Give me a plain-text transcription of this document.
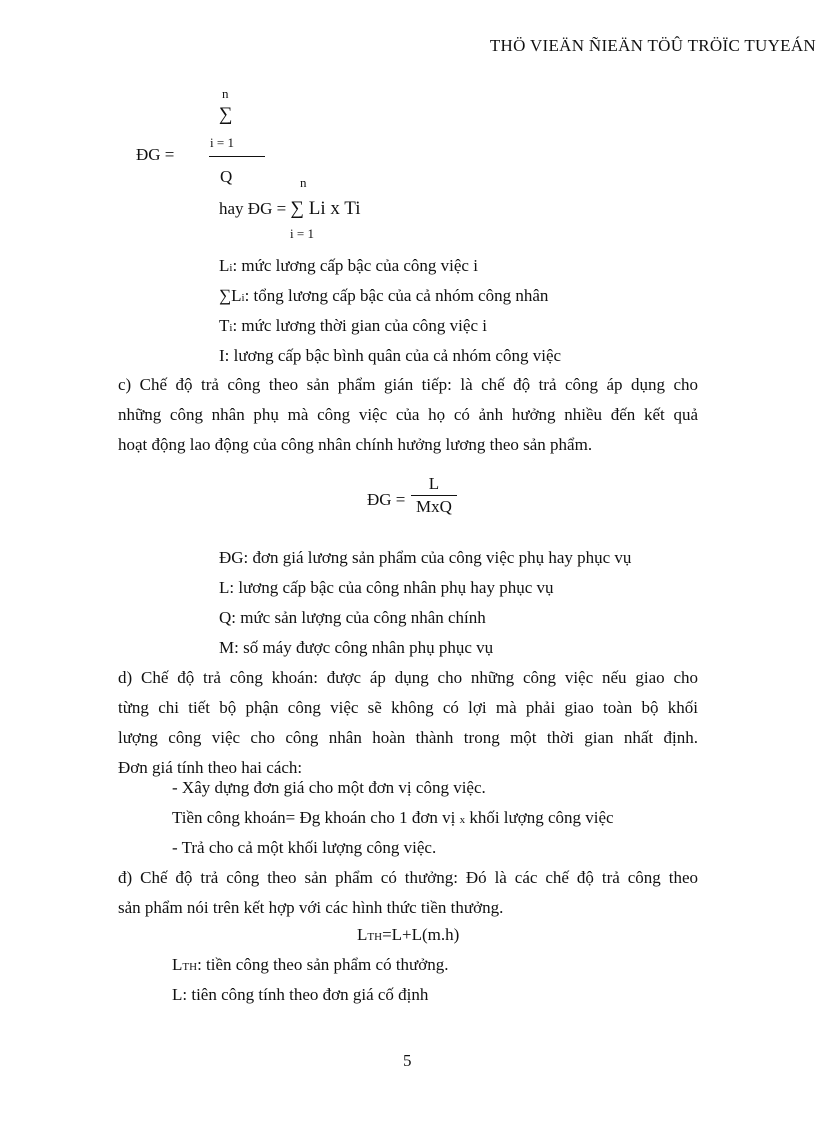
THÖ VIEÄN ÑIEÄN TÖÛ TRÖÏC TUYEÁN
n
∑
i = 1
ĐG =
Q	n
hay ĐG = ∑ Li x Ti
i = 1
Li: mức lương cấp bậc của công việc i
∑Li: tổng lương cấp bậc của cả nhóm công nhân
Ti: mức lương thời gian của công việc i
I: lương cấp bậc bình quân của cả nhóm công việc
c) Chế độ trả công theo sản phẩm gián tiếp: là chế độ trả công áp dụng cho
những công nhân phụ mà công việc của họ có ảnh hưởng nhiều đến kết quả
hoạt động lao động của công nhân chính hưởng lương theo sản phẩm.
ĐG =
L
MxQ
ĐG: đơn giá lương sản phẩm của công việc phụ hay phục vụ
L: lương cấp bậc của công nhân phụ hay phục vụ
Q: mức sản lượng của công nhân chính
M: số máy được công nhân phụ phục vụ
d) Chế độ trả công khoán: được áp dụng cho những công việc nếu giao cho
từng chi tiết bộ phận công việc sẽ không có lợi mà phải giao toàn bộ khối
lượng công việc cho công nhân hoàn thành trong một thời gian nhất định.
Đơn giá tính theo hai cách:
- Xây dựng đơn giá cho một đơn vị công việc.
Tiền công khoán= Đg khoán cho 1 đơn vị x khối lượng công việc
- Trả cho cả một khối lượng công việc.
đ) Chế độ trả công theo sản phẩm có thưởng: Đó là các chế độ trả công theo
sản phẩm nói trên kết hợp với các hình thức tiền thưởng.
LTH=L+L(m.h)
LTH: tiền công theo sản phẩm có thưởng.
L: tiên công tính theo đơn giá cố định
5
